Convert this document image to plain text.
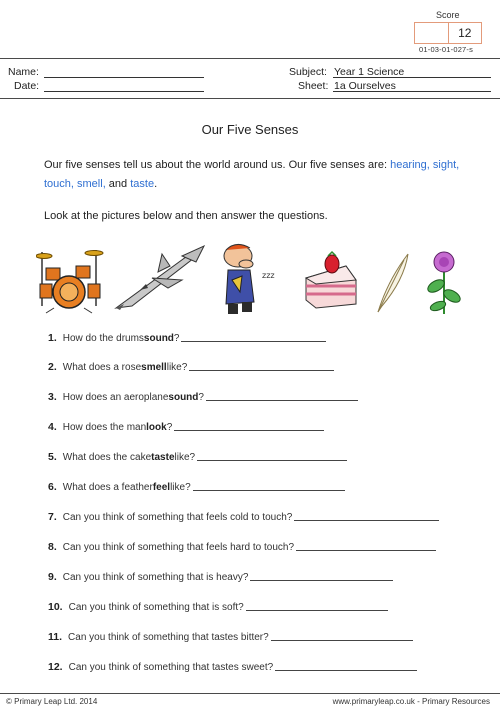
Score
12
01-03-01-027-s
Name:
Date:
Subject: Year 1 Science
Sheet: 1a Ourselves
Our Five Senses
Our five senses tell us about the world around us. Our five senses are: hearing, sight, touch, smell, and taste.
Look at the pictures below and then answer the questions.
zzz
1. How do the drums sound ?
2. What does a rose smell like?
3. How does an aeroplane sound ?
4. How does the man look ?
5. What does the cake taste like?
6. What does a feather feel like?
7. Can you think of something that feels cold to touch?
8. Can you think of something that feels hard to touch?
9. Can you think of something that is heavy?
10. Can you think of something that is soft?
11. Can you think of something that tastes bitter?
12. Can you think of something that tastes sweet?
© Primary Leap Ltd. 2014	www.primaryleap.co.uk - Primary Resources
